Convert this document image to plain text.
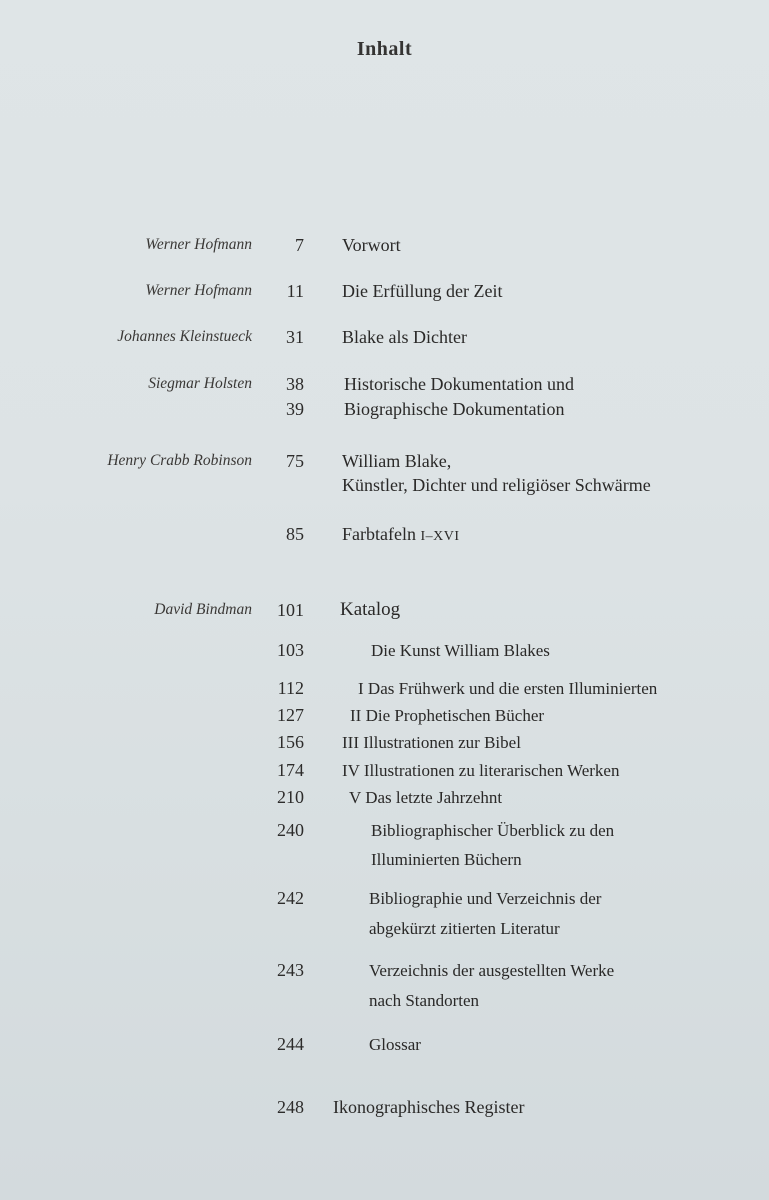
Inhalt
Werner Hofmann 7 Vorwort
Werner Hofmann 11 Die Erfüllung der Zeit
Johannes Kleinstueck 31 Blake als Dichter
Siegmar Holsten 38 Historische Dokumentation und
39 Biographische Dokumentation
Henry Crabb Robinson 75 William Blake,
Künstler, Dichter und religiöser Schwärme
85 Farbtafeln I–XVI
David Bindman 101 Katalog
103	Die Kunst William Blakes
112	I Das Frühwerk und die ersten Illuminierten
127	II Die Prophetischen Bücher
156 III Illustrationen zur Bibel
174 IV Illustrationen zu literarischen Werken
210	V Das letzte Jahrzehnt
240	Bibliographischer Überblick zu den
Illuminierten Büchern
242	Bibliographie und Verzeichnis der
abgekürzt zitierten Literatur
243	Verzeichnis der ausgestellten Werke
nach Standorten
244	Glossar
248 Ikonographisches Register
